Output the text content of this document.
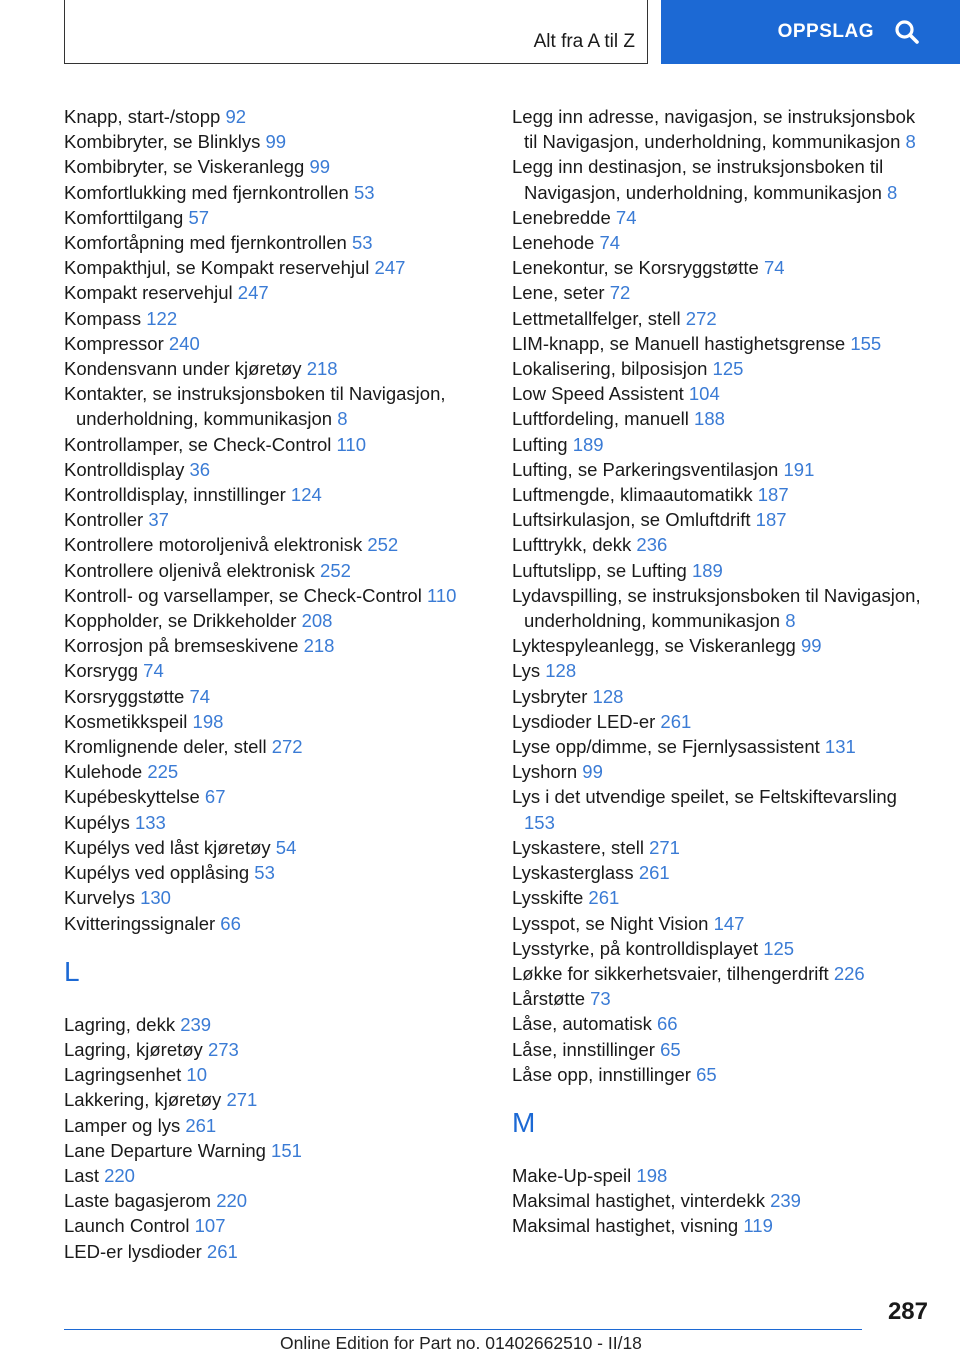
Alt fra A til Z	OPPSLAG

Knapp, start-/stopp 92

Kombibryter, se Blinklys 99

Kombibryter, se Viskeranlegg 99

Komfortlukking med fjernkontrollen 53

Komforttilgang 57

Komfortåpning med fjernkontrollen 53

Kompakthjul, se Kompakt reservehjul 247

Kompakt reservehjul 247

Kompass 122

Kompressor 240

Kondensvann under kjøretøy 218

Kontakter, se instruksjonsboken til Navigasjon, underholdning, kommunikasjon 8

Kontrollamper, se Check-Control 110

Kontrolldisplay 36

Kontrolldisplay, innstillinger 124

Kontroller 37

Kontrollere motoroljenivå elektronisk 252

Kontrollere oljenivå elektronisk 252

Kontroll- og varsellamper, se Check-Control 110

Koppholder, se Drikkeholder 208

Korrosjon på bremseskivene 218

Korsrygg 74

Korsryggstøtte 74

Kosmetikkspeil 198

Kromlignende deler, stell 272

Kulehode 225

Kupébeskyttelse 67

Kupélys 133

Kupélys ved låst kjøretøy 54

Kupélys ved opplåsing 53

Kurvelys 130

Kvitteringssignaler 66

L

Lagring, dekk 239

Lagring, kjøretøy 273

Lagringsenhet 10

Lakkering, kjøretøy 271

Lamper og lys 261

Lane Departure Warning 151

Last 220

Laste bagasjerom 220

Launch Control 107

LED-er lysdioder 261

Legg inn adresse, navigasjon, se instruksjonsbok til Navigasjon, underholdning, kommunikasjon 8

Legg inn destinasjon, se instruksjonsboken til Navigasjon, underholdning, kommunikasjon 8

Lenebredde 74

Lenehode 74

Lenekontur, se Korsryggstøtte 74

Lene, seter 72

Lettmetallfelger, stell 272

LIM-knapp, se Manuell hastighetsgrense 155

Lokalisering, bilposisjon 125

Low Speed Assistent 104

Luftfordeling, manuell 188

Lufting 189

Lufting, se Parkeringsventilasjon 191

Luftmengde, klimaautomatikk 187

Luftsirkulasjon, se Omluftdrift 187

Lufttrykk, dekk 236

Luftutslipp, se Lufting 189

Lydavspilling, se instruksjonsboken til Navigasjon, underholdning, kommunikasjon 8

Lyktespyleanlegg, se Viskeranlegg 99

Lys 128

Lysbryter 128

Lysdioder LED-er 261

Lyse opp/dimme, se Fjernlysassistent 131

Lyshorn 99

Lys i det utvendige speilet, se Feltskiftevarsling 153

Lyskastere, stell 271

Lyskasterglass 261

Lysskifte 261

Lysspot, se Night Vision 147

Lysstyrke, på kontrolldisplayet 125

Løkke for sikkerhetsvaier, tilhengerdrift 226

Lårstøtte 73

Låse, automatisk 66

Låse, innstillinger 65

Låse opp, innstillinger 65

M

Make-Up-speil 198

Maksimal hastighet, vinterdekk 239

Maksimal hastighet, visning 119

287
Online Edition for Part no. 01402662510 - II/18
